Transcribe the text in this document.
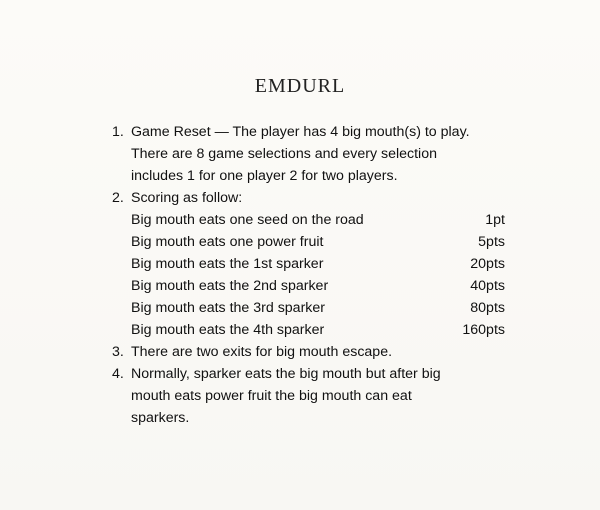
EMDURL
1. Game Reset — The player has 4 big mouth(s) to play.
There are 8 game selections and every selection
includes 1 for one player 2 for two players.
2. Scoring as follow:
Big mouth eats one seed on the road	1pt
Big mouth eats one power fruit	5pts
Big mouth eats the 1st sparker	20pts
Big mouth eats the 2nd sparker	40pts
Big mouth eats the 3rd sparker	80pts
Big mouth eats the 4th sparker	160pts
3. There are two exits for big mouth escape.
4. Normally, sparker eats the big mouth but after big
mouth eats power fruit the big mouth can eat
sparkers.
